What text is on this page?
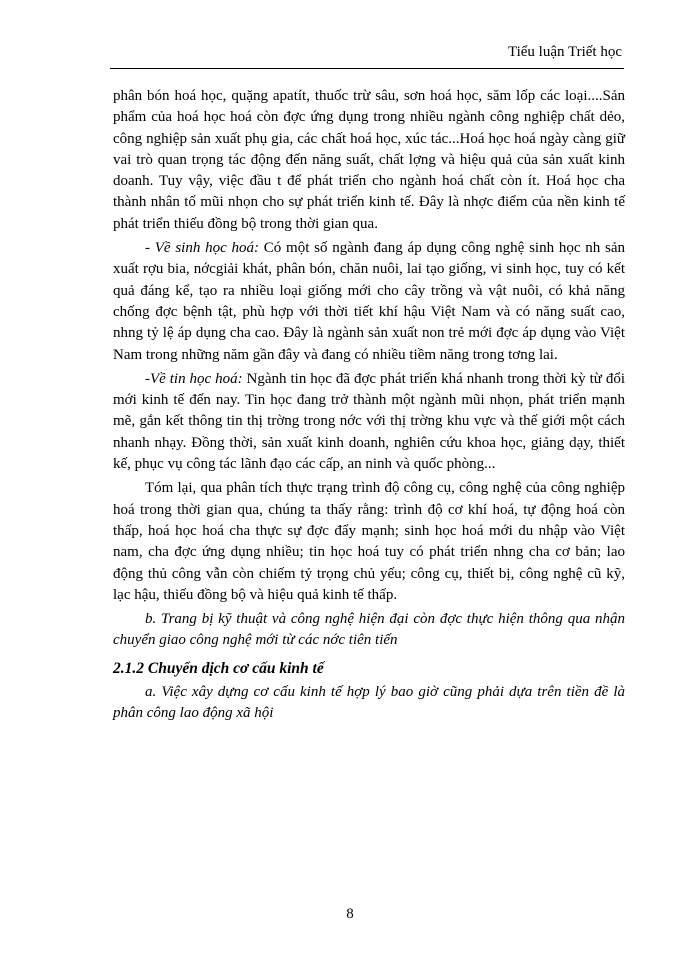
Tiểu luận Triết học

phân bón hoá học, quặng apatít, thuốc trừ sâu, sơn hoá học, săm lốp các loại....Sản phẩm của hoá học hoá còn đợc ứng dụng trong nhiều ngành công nghiệp chất dẻo, công nghiệp sản xuất phụ gia, các chất hoá học, xúc tác...Hoá học hoá ngày càng giữ vai trò quan trọng tác động đến năng suất, chất lợng và hiệu quả của sản xuất kinh doanh. Tuy vậy, việc đầu t để phát triển cho ngành hoá chất còn ít. Hoá học cha thành nhân tố mũi nhọn cho sự phát triển kinh tế. Đây là nhợc điểm của nền kinh tế phát triển thiếu đồng bộ trong thời gian qua.

- Về sinh học hoá: Có một số ngành đang áp dụng công nghệ sinh học nh sản xuất rợu bia, nớcgiải khát, phân bón, chăn nuôi, lai tạo giống, vi sinh học, tuy có kết quả đáng kể, tạo ra nhiều loại giống mới cho cây trồng và vật nuôi, có khả năng chống đợc bệnh tật, phù hợp với thời tiết khí hậu Việt Nam và có năng suất cao, nhng tỷ lệ áp dụng cha cao. Đây là ngành sản xuất non trẻ mới đợc áp dụng vào Việt Nam trong những năm gần đây và đang có nhiều tiềm năng trong tơng lai.

-Về tin học hoá: Ngành tin học đã đợc phát triển khá nhanh trong thời kỳ từ đổi mới kinh tế đến nay. Tin học đang trở thành một ngành mũi nhọn, phát triển mạnh mẽ, gắn kết thông tin thị trờng trong nớc với thị trờng khu vực và thế giới một cách nhanh nhạy. Đồng thời, sản xuất kinh doanh, nghiên cứu khoa học, giảng dạy, thiết kế, phục vụ công tác lãnh đạo các cấp, an ninh và quốc phòng...

Tóm lại, qua phân tích thực trạng trình độ công cụ, công nghệ của công nghiệp hoá trong thời gian qua, chúng ta thấy rằng: trình độ cơ khí hoá, tự động hoá còn thấp, hoá học hoá cha thực sự đợc đẩy mạnh; sinh học hoá mới du nhập vào Việt nam, cha đợc ứng dụng nhiều; tin học hoá tuy có phát triển nhng cha cơ bản; lao động thủ công vẫn còn chiếm tỷ trọng chủ yếu; công cụ, thiết bị, công nghệ cũ kỹ, lạc hậu, thiếu đồng bộ và hiệu quả kinh tế thấp.

b. Trang bị kỹ thuật và công nghệ hiện đại còn đợc thực hiện thông qua nhận chuyển giao công nghệ mới từ các nớc tiên tiến

2.1.2 Chuyển dịch cơ cấu kinh tế

a. Việc xây dựng cơ cấu kinh tế hợp lý bao giờ cũng phải dựa trên tiền đề là phân công lao động xã hội

8
